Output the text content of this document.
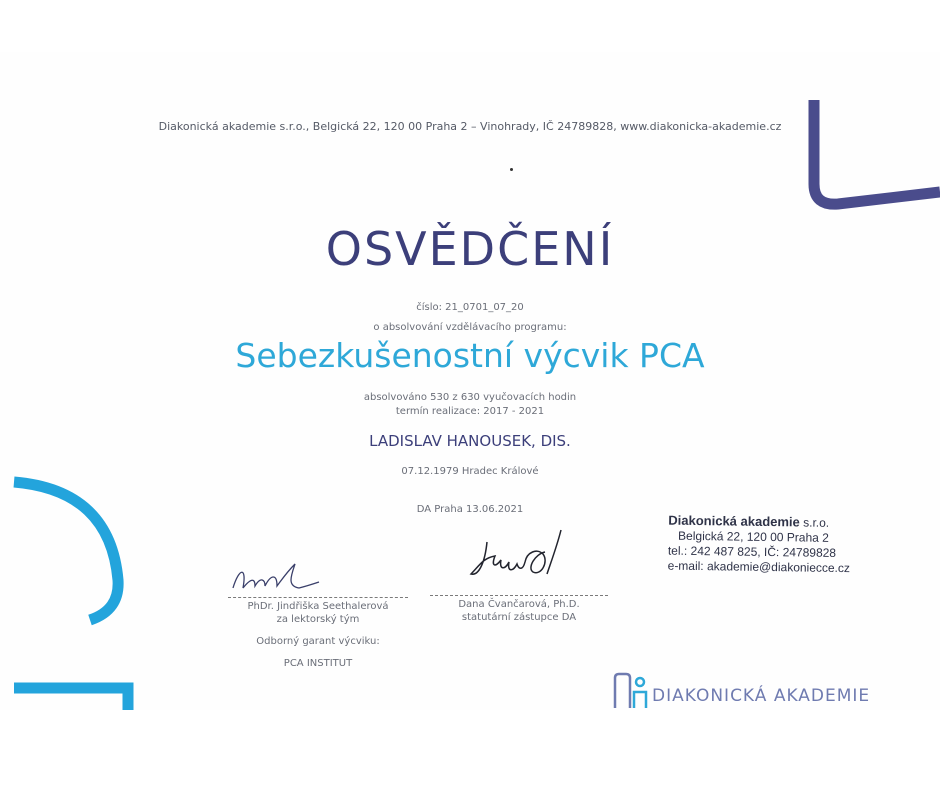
Diakonická akademie s.r.o., Belgická 22, 120 00 Praha 2 – Vinohrady, IČ 24789828, www.diakonicka-akademie.cz
OSVĚDČENÍ
číslo: 21_0701_07_20
o absolvování vzdělávacího programu:
Sebezkušenostní výcvik PCA
absolvováno 530 z 630 vyučovacích hodin
termín realizace: 2017 - 2021
LADISLAV HANOUSEK, DIS.
07.12.1979 Hradec Králové
DA Praha 13.06.2021
PhDr. Jindřiška Seethalerová
za lektorský tým
Odborný garant výcviku:
PCA INSTITUT
Dana Čvančarová, Ph.D.
statutární zástupce DA
Diakonická akademie s.r.o.
Belgická 22, 120 00 Praha 2
tel.: 242 487 825, IČ: 24789828
e-mail: akademie@diakoniecce.cz
DIAKONICKÁ AKADEMIE
